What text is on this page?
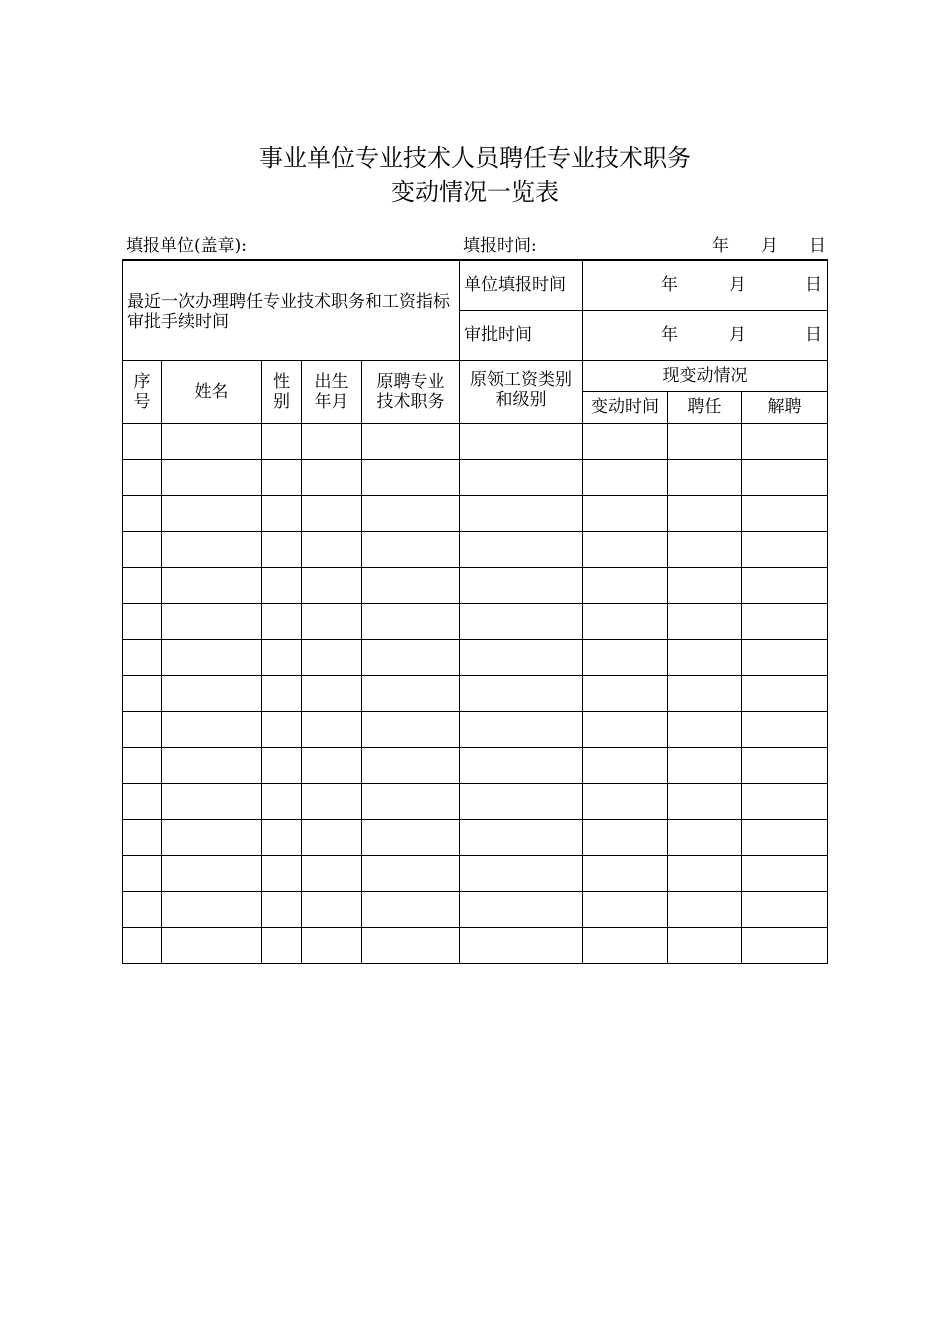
事业单位专业技术人员聘任专业技术职务
变动情况一览表
填报单位(盖章):	填报时间:	年 月 日
最近一次办理聘任专业技术职务和工资指标审批手续时间					单位填报时间	年 月 日		

					审批时间	年 月 日		

序号	姓名	性别	出生年月	原聘专业技术职务	原领工资类别和级别	现变动情况		
						变动时间	聘任	解聘
